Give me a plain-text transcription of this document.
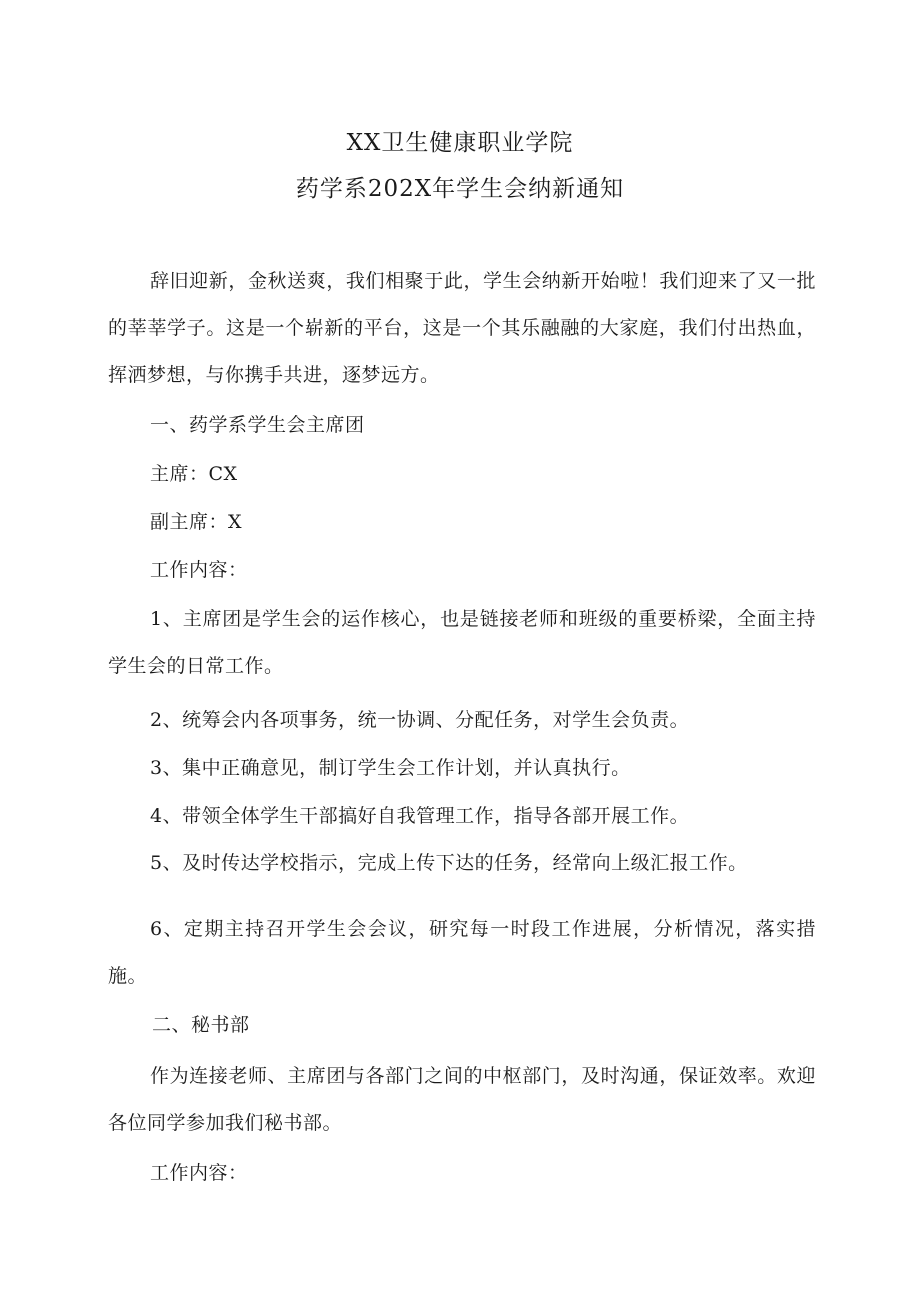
XX卫生健康职业学院
药学系202X年学生会纳新通知
辞旧迎新，金秋送爽，我们相聚于此，学生会纳新开始啦！我们迎来了又一批的莘莘学子。这是一个崭新的平台，这是一个其乐融融的大家庭，我们付出热血，挥洒梦想，与你携手共进，逐梦远方。
一、药学系学生会主席团
主席：CX
副主席：X
工作内容：
1、主席团是学生会的运作核心，也是链接老师和班级的重要桥梁，全面主持学生会的日常工作。
2、统筹会内各项事务，统一协调、分配任务，对学生会负责。
3、集中正确意见，制订学生会工作计划，并认真执行。
4、带领全体学生干部搞好自我管理工作，指导各部开展工作。
5、及时传达学校指示，完成上传下达的任务，经常向上级汇报工作。
6、定期主持召开学生会会议，研究每一时段工作进展，分析情况，落实措施。
二、秘书部
作为连接老师、主席团与各部门之间的中枢部门，及时沟通，保证效率。欢迎各位同学参加我们秘书部。
工作内容：
